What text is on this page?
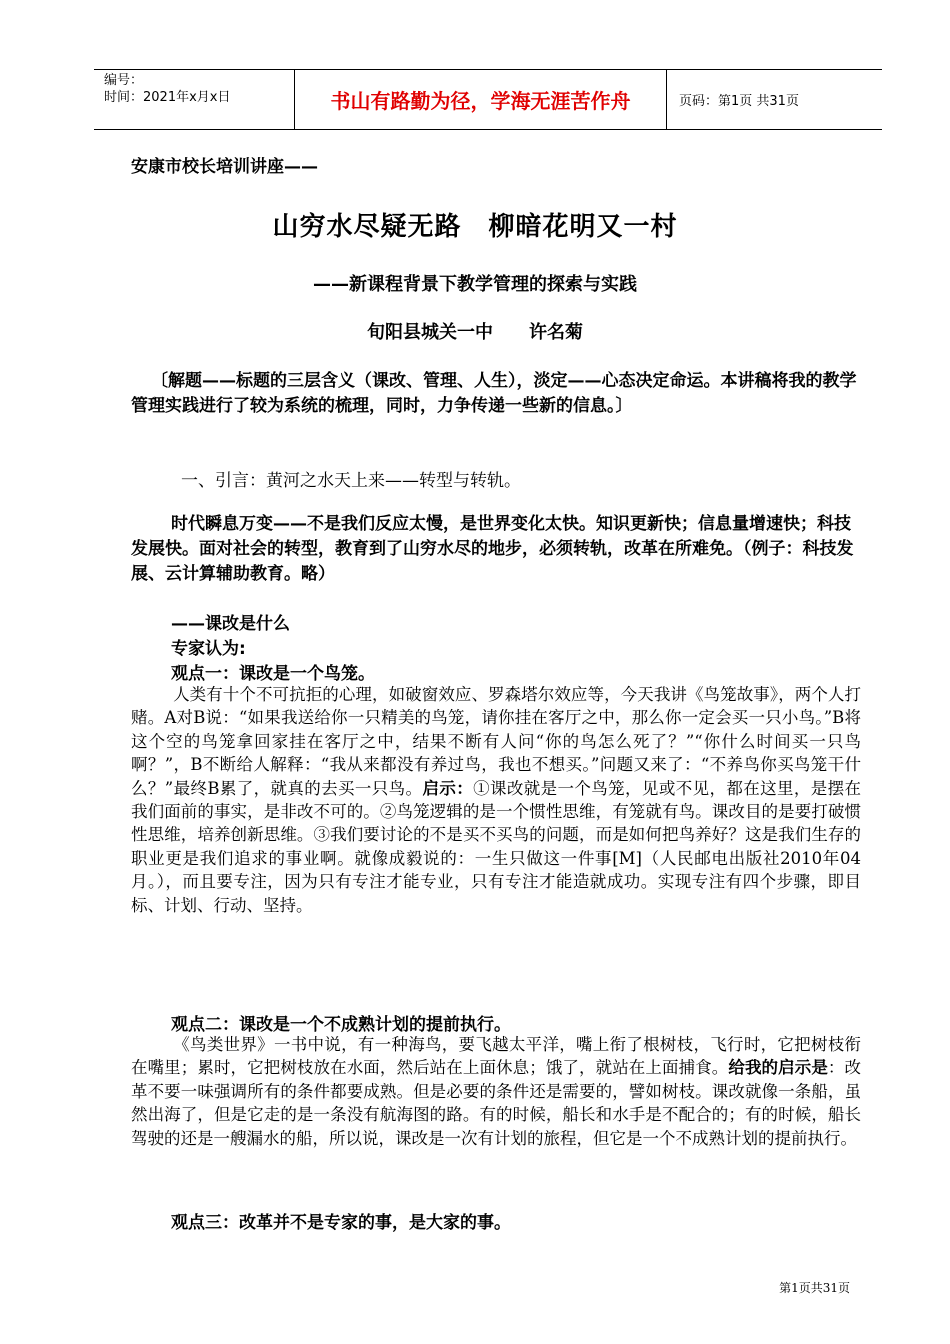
编号：
时间：2021年x月x日	书山有路勤为径，学海无涯苦作舟	页码：第1页 共31页
安康市校长培训讲座——
山穷水尽疑无路　柳暗花明又一村
——新课程背景下教学管理的探索与实践
旬阳县城关一中　　许名菊
〔解题——标题的三层含义（课改、管理、人生），淡定——心态决定命运。本讲稿将我的教学管理实践进行了较为系统的梳理，同时，力争传递一些新的信息。〕
一、引言：黄河之水天上来——转型与转轨。
时代瞬息万变——不是我们反应太慢，是世界变化太快。知识更新快；信息量增速快；科技发展快。面对社会的转型，教育到了山穷水尽的地步，必须转轨，改革在所难免。（例子：科技发展、云计算辅助教育。略）
——课改是什么
专家认为:
观点一：课改是一个鸟笼。
人类有十个不可抗拒的心理，如破窗效应、罗森塔尔效应等，今天我讲《鸟笼故事》，两个人打赌。A对B说：“如果我送给你一只精美的鸟笼，请你挂在客厅之中，那么你一定会买一只小鸟。”B将这个空的鸟笼拿回家挂在客厅之中，结果不断有人问“你的鸟怎么死了？”“你什么时间买一只鸟啊？”，B不断给人解释：“我从来都没有养过鸟，我也不想买。”问题又来了：“不养鸟你买鸟笼干什么？”最终B累了，就真的去买一只鸟。启示：①课改就是一个鸟笼，见或不见，都在这里，是摆在我们面前的事实，是非改不可的。②鸟笼逻辑的是一个惯性思维，有笼就有鸟。课改目的是要打破惯性思维，培养创新思维。③我们要讨论的不是买不买鸟的问题，而是如何把鸟养好？这是我们生存的职业更是我们追求的事业啊。就像成毅说的：一生只做这一件事[M]（人民邮电出版社2010年04月。），而且要专注，因为只有专注才能专业，只有专注才能造就成功。实现专注有四个步骤，即目标、计划、行动、坚持。
观点二：课改是一个不成熟计划的提前执行。
《鸟类世界》一书中说，有一种海鸟，要飞越太平洋，嘴上衔了根树枝，飞行时，它把树枝衔在嘴里；累时，它把树枝放在水面，然后站在上面休息；饿了，就站在上面捕食。给我的启示是：改革不要一味强调所有的条件都要成熟。但是必要的条件还是需要的，譬如树枝。课改就像一条船，虽然出海了，但是它走的是一条没有航海图的路。有的时候，船长和水手是不配合的；有的时候，船长驾驶的还是一艘漏水的船，所以说，课改是一次有计划的旅程，但它是一个不成熟计划的提前执行。
观点三：改革并不是专家的事，是大家的事。
第1页共31页
